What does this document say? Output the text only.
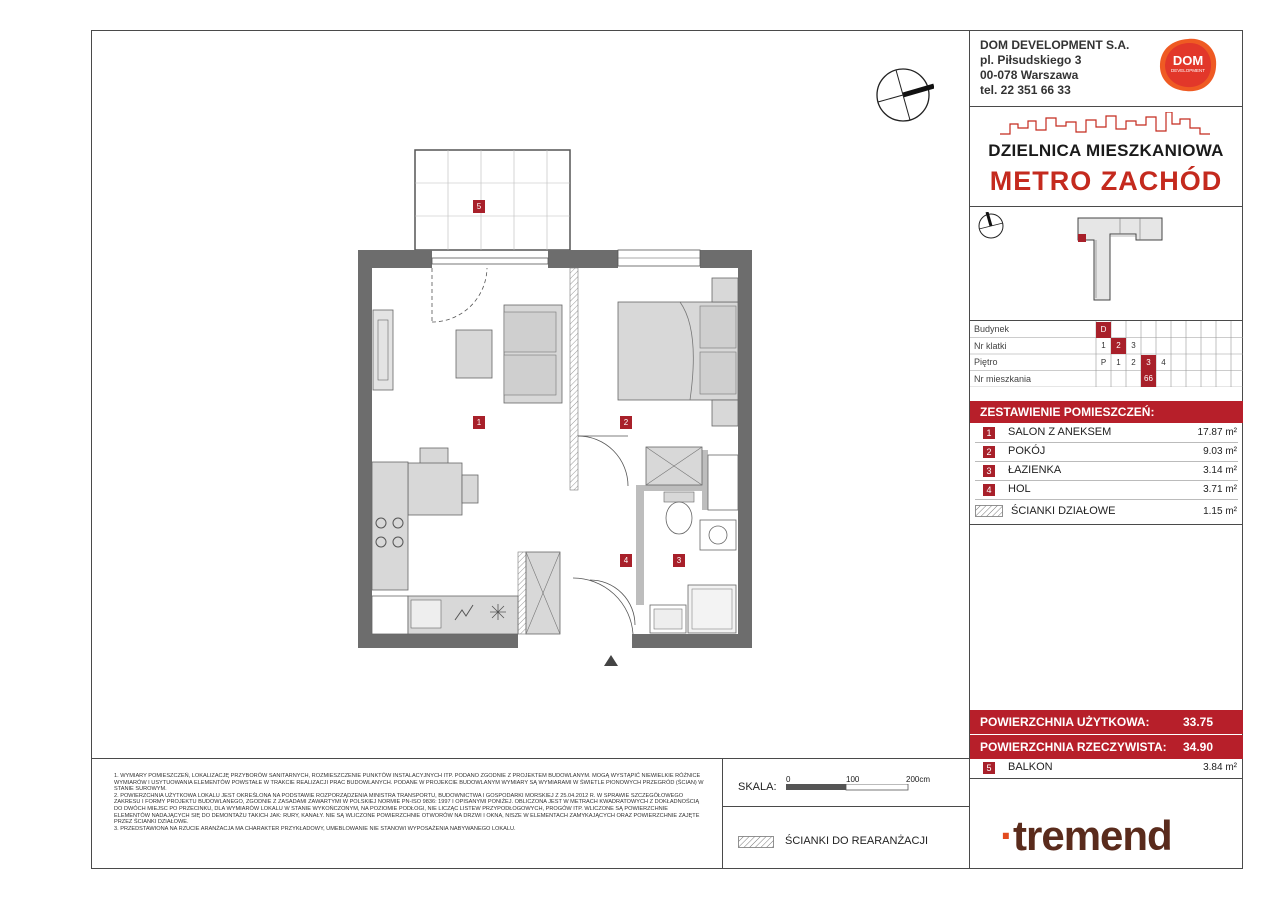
DOM DEVELOPMENT S.A.
pl. Piłsudskiego 3
00-078 Warszawa
tel. 22 351 66 33
DOM
DEVELOPMENT
DZIELNICA MIESZKANIOWA
METRO ZACHÓD
Budynek	D
Nr klatki	1	2	3
Piętro	P	1	2	3	4
Nr mieszkania	66
ZESTAWIENIE POMIESZCZEŃ:
1	SALON Z ANEKSEM	17.87 m²
2	POKÓJ	9.03 m²
3	ŁAZIENKA	3.14 m²
4	HOL	3.71 m²
ŚCIANKI DZIAŁOWE	1.15 m²
POWIERZCHNIA UŻYTKOWA:	33.75
POWIERZCHNIA RZECZYWISTA: 34.90
5	BALKON	3.84 m²

1. WYMIARY POMIESZCZEŃ, LOKALIZACJĘ PRZYBORÓW SANITARNYCH, ROZMIESZCZENIE PUNKTÓW INSTALACYJNYCH ITP. PODANO ZGODNIE Z PROJEKTEM BUDOWLANYM. MOGĄ WYSTĄPIĆ NIEWIELKIE RÓŻNICE WYMIARÓW I USYTUOWANIA ELEMENTÓW POWSTAŁE W TRAKCIE REALIZACJI PRAC BUDOWLANYCH. PODANE W PROJEKCIE BUDOWLANYM WYMIARY SĄ WYMIARAMI W ŚWIETLE PIONOWYCH PRZEGRÓD (ŚCIAN) W STANIE SUROWYM.

2. POWIERZCHNIA UŻYTKOWA LOKALU JEST OKREŚLONA NA PODSTAWIE ROZPORZĄDZENIA MINISTRA TRANSPORTU, BUDOWNICTWA I GOSPODARKI MORSKIEJ Z 25.04.2012 R. W SPRAWIE SZCZEGÓŁOWEGO ZAKRESU I FORMY PROJEKTU BUDOWLANEGO, ZGODNIE Z ZASADAMI ZAWARTYMI W POLSKIEJ NORMIE PN-ISO 9836: 1997 I OPISANYMI PONIŻEJ. OBLICZONA JEST W METRACH KWADRATOWYCH Z DOKŁADNOŚCIĄ DO DWÓCH MIEJSC PO PRZECINKU, DLA WYMIARÓW LOKALU W STANIE WYKOŃCZONYM, NA POZIOMIE PODŁOGI, NIE LICZĄC LISTEW PRZYPODŁOGOWYCH, PROGÓW ITP. WLICZONE SĄ POWIERZCHNIE ELEMENTÓW NADAJĄCYCH SIĘ DO DEMONTAŻU TAKICH JAK: RURY, KANAŁY. NIE SĄ WLICZONE POWIERZCHNIE OTWORÓW NA DRZWI I OKNA, NISZE W ELEMENTACH ZAMYKAJĄCYCH ORAZ POWIERZCHNIE ZAJĘTE PRZEZ ŚCIANKI DZIAŁOWE.

3. PRZEDSTAWIONA NA RZUCIE ARANŻACJA MA CHARAKTER PRZYKŁADOWY, UMEBLOWANIE NIE STANOWI WYPOSAŻENIA NABYWANEGO LOKALU.

SKALA:
0	100	200cm
ŚCIANKI DO REARANŻACJI ·tremend
5
1	2
4	3
